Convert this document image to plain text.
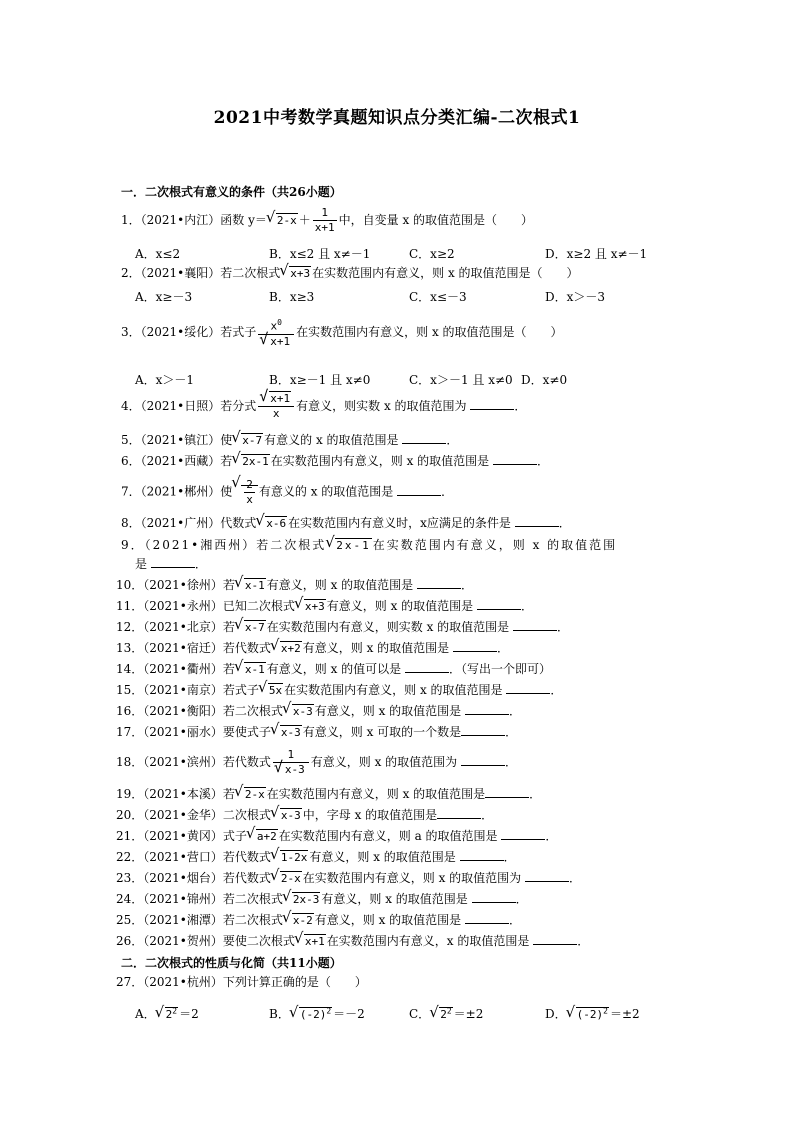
2021中考数学真题知识点分类汇编-二次根式1
一．二次根式有意义的条件（共26小题）
1．（2021•内江）函数 y＝ √ $2-x + \frac{1}{x+1}$ 中，自变量 x 的取值范围是（　　）
A．x≤2	B．x≤2 且 x≠－1	C．x≥2	D．x≥2 且 x≠－1
2．（2021•襄阳）若二次根式 √ x+3 在实数范围内有意义，则 x 的取值范围是（　　）
A．x≥－3	B．x≥3	C．x≤－3	D．x＞－3
3．（2021•绥化）若式子 $x^0$
√ x+1 在实数范围内有意义，则 x 的取值范围是（　　）
A．x＞－1	B．x≥－1 且 x≠0	C．x＞－1 且 x≠0 D．x≠0
4．（2021•日照）若分式 √ $\frac{x+1}{x}$ 有意义，则实数 x 的取值范围为	．
5．（2021•镇江）使 √ x-7 有意义的 x 的取值范围是	．
6．（2021•西藏）若 √ 2x-1 在实数范围内有意义，则 x 的取值范围是	．
7．（2021•郴州）使 √ $\frac{2}{x}$ 有意义的 x 的取值范围是	．
8．（2021•广州）代数式 √ x-6 在实数范围内有意义时，x应满足的条件是	．
9．（2021•湘西州）若二次根式 √ 2x-1 在实数范围内有意义，则 x 的取值范围
是	．
10．（2021•徐州）若 √ x-1 有意义，则 x 的取值范围是	．
11．（2021•永州）已知二次根式 √ x+3 有意义，则 x 的取值范围是	．
12．（2021•北京）若 √ x-7 在实数范围内有意义，则实数 x 的取值范围是	．
13．（2021•宿迁）若代数式 √ x+2 有意义，则 x 的取值范围是	．
14．（2021•衢州）若 √ x-1 有意义，则 x 的值可以是	．（写出一个即可）
15．（2021•南京）若式子 √ 5x 在实数范围内有意义，则 x 的取值范围是	．
16．（2021•衡阳）若二次根式 √ x-3 有意义，则 x 的取值范围是	．
17．（2021•丽水）要使式子 √ x-3 有意义，则 x 可取的一个数是	．
18．（2021•滨州）若代数式 1
√ x-3 有意义，则 x 的取值范围为	．
19．（2021•本溪）若 √ 2-x 在实数范围内有意义，则 x 的取值范围是	．
20．（2021•金华）二次根式 √ x-3 中，字母 x 的取值范围是	．
21．（2021•黄冈）式子 √ a+2 在实数范围内有意义，则 a 的取值范围是	．
22．（2021•营口）若代数式 √ 1-2x 有意义，则 x 的取值范围是	．
23．（2021•烟台）若代数式 √ 2-x 在实数范围内有意义，则 x 的取值范围为	．
24．（2021•锦州）若二次根式 √ 2x-3 有意义，则 x 的取值范围是	．
25．（2021•湘潭）若二次根式 √ x-2 有意义，则 x 的取值范围是	．
26．（2021•贺州）要使二次根式 √ x+1 在实数范围内有意义，x 的取值范围是	．
二．二次根式的性质与化简（共11小题）
27．（2021•杭州）下列计算正确的是（　　）
A． √ $2^2 =2$	B． √ $(-2)^2 =-2$	C． √ $2^2 =\pm 2$	D． √ $(-2)^2 =\pm 2$
